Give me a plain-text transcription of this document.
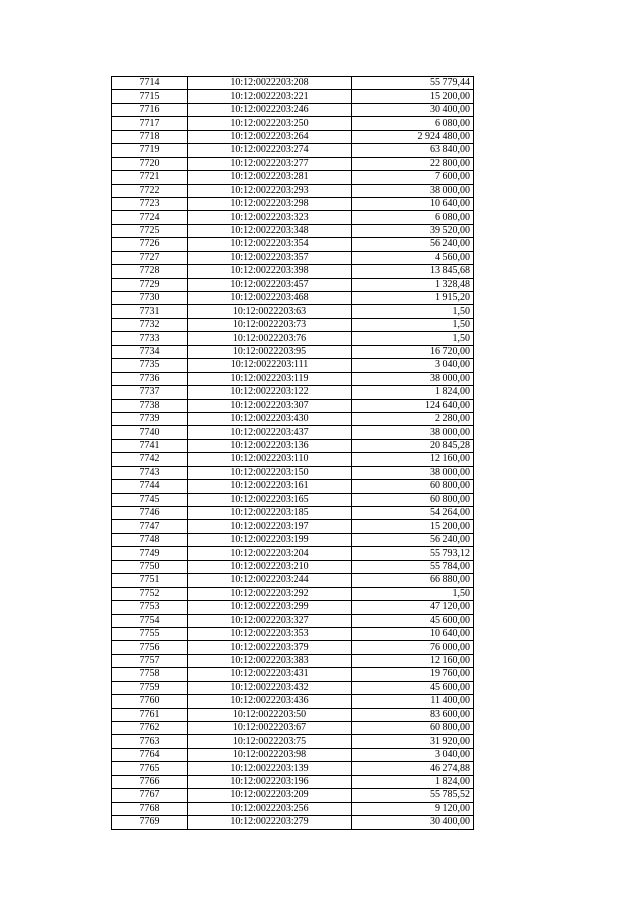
7714	10:12:0022203:208	55 779,44
7715	10:12:0022203:221	15 200,00
7716	10:12:0022203:246	30 400,00
7717	10:12:0022203:250	6 080,00
7718	10:12:0022203:264	2 924 480,00
7719	10:12:0022203:274	63 840,00
7720	10:12:0022203:277	22 800,00
7721	10:12:0022203:281	7 600,00
7722	10:12:0022203:293	38 000,00
7723	10:12:0022203:298	10 640,00
7724	10:12:0022203:323	6 080,00
7725	10:12:0022203:348	39 520,00
7726	10:12:0022203:354	56 240,00
7727	10:12:0022203:357	4 560,00
7728	10:12:0022203:398	13 845,68
7729	10:12:0022203:457	1 328,48
7730	10:12:0022203:468	1 915,20
7731	10:12:0022203:63	1,50
7732	10:12:0022203:73	1,50
7733	10:12:0022203:76	1,50
7734	10:12:0022203:95	16 720,00
7735	10:12:0022203:111	3 040,00
7736	10:12:0022203:119	38 000,00
7737	10:12:0022203:122	1 824,00
7738	10:12:0022203:307	124 640,00
7739	10:12:0022203:430	2 280,00
7740	10:12:0022203:437	38 000,00
7741	10:12:0022203:136	20 845,28
7742	10:12:0022203:110	12 160,00
7743	10:12:0022203:150	38 000,00
7744	10:12:0022203:161	60 800,00
7745	10:12:0022203:165	60 800,00
7746	10:12:0022203:185	54 264,00
7747	10:12:0022203:197	15 200,00
7748	10:12:0022203:199	56 240,00
7749	10:12:0022203:204	55 793,12
7750	10:12:0022203:210	55 784,00
7751	10:12:0022203:244	66 880,00
7752	10:12:0022203:292	1,50
7753	10:12:0022203:299	47 120,00
7754	10:12:0022203:327	45 600,00
7755	10:12:0022203:353	10 640,00
7756	10:12:0022203:379	76 000,00
7757	10:12:0022203:383	12 160,00
7758	10:12:0022203:431	19 760,00
7759	10:12:0022203:432	45 600,00
7760	10:12:0022203:436	11 400,00
7761	10:12:0022203:50	83 600,00
7762	10:12:0022203:67	60 800,00
7763	10:12:0022203:75	31 920,00
7764	10:12:0022203:98	3 040,00
7765	10:12:0022203:139	46 274,88
7766	10:12:0022203:196	1 824,00
7767	10:12:0022203:209	55 785,52
7768	10:12:0022203:256	9 120,00
7769	10:12:0022203:279	30 400,00
